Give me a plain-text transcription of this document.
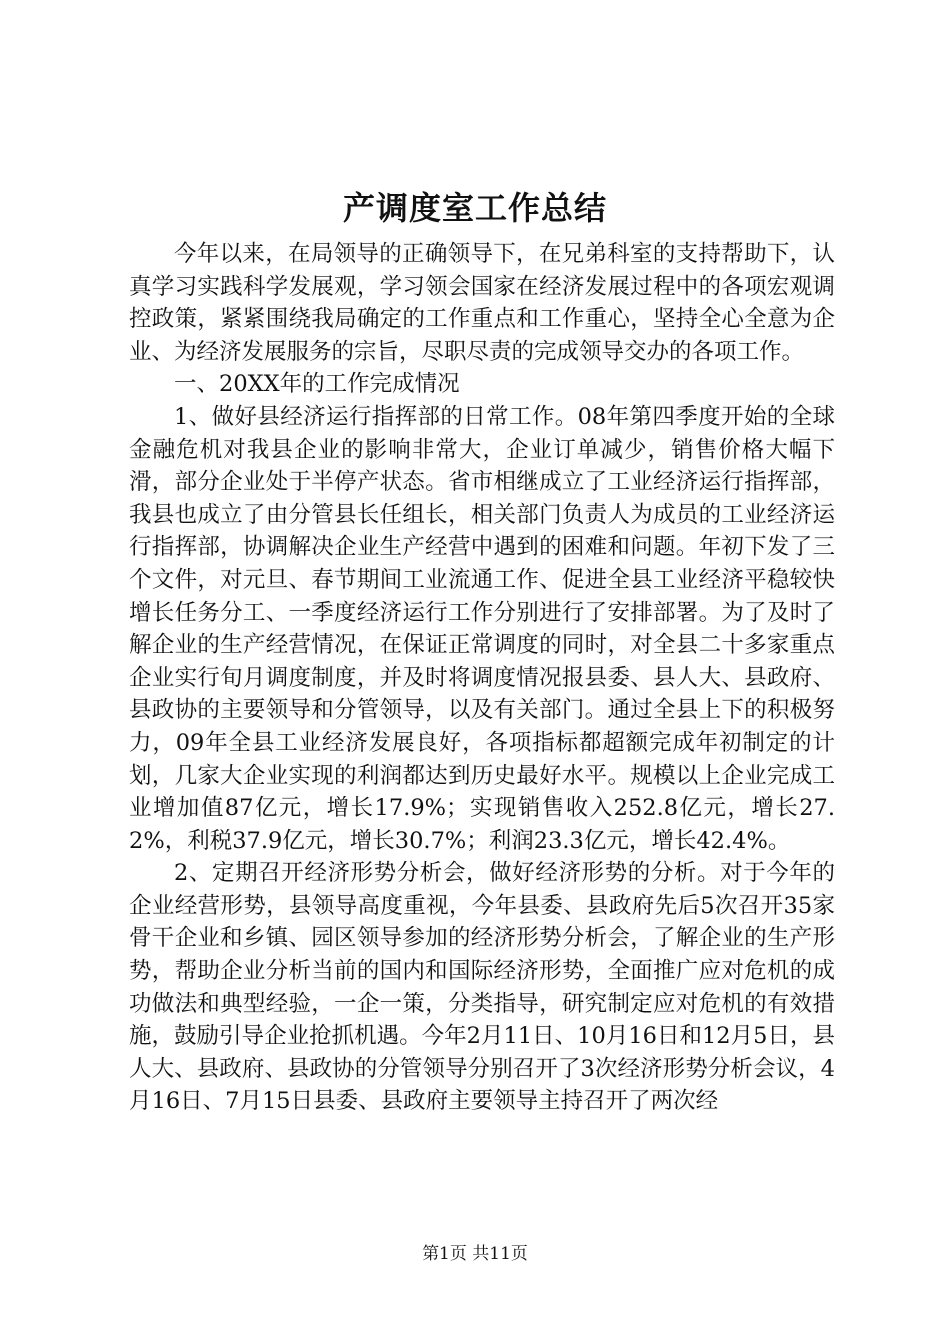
产调度室工作总结

今年以来，在局领导的正确领导下，在兄弟科室的支持帮助下，认真学习实践科学发展观，学习领会国家在经济发展过程中的各项宏观调控政策，紧紧围绕我局确定的工作重点和工作重心，坚持全心全意为企业、为经济发展服务的宗旨，尽职尽责的完成领导交办的各项工作。

一、20XX年的工作完成情况

1、做好县经济运行指挥部的日常工作。08年第四季度开始的全球金融危机对我县企业的影响非常大，企业订单减少，销售价格大幅下滑，部分企业处于半停产状态。省市相继成立了工业经济运行指挥部，我县也成立了由分管县长任组长，相关部门负责人为成员的工业经济运行指挥部，协调解决企业生产经营中遇到的困难和问题。年初下发了三个文件，对元旦、春节期间工业流通工作、促进全县工业经济平稳较快增长任务分工、一季度经济运行工作分别进行了安排部署。为了及时了解企业的生产经营情况，在保证正常调度的同时，对全县二十多家重点企业实行旬月调度制度，并及时将调度情况报县委、县人大、县政府、县政协的主要领导和分管领导，以及有关部门。通过全县上下的积极努力，09年全县工业经济发展良好，各项指标都超额完成年初制定的计划，几家大企业实现的利润都达到历史最好水平。规模以上企业完成工业增加值87亿元，增长17.9%；实现销售收入252.8亿元，增长27.2%，利税37.9亿元，增长30.7%；利润23.3亿元，增长42.4%。

2、定期召开经济形势分析会，做好经济形势的分析。对于今年的企业经营形势，县领导高度重视，今年县委、县政府先后5次召开35家骨干企业和乡镇、园区领导参加的经济形势分析会，了解企业的生产形势，帮助企业分析当前的国内和国际经济形势，全面推广应对危机的成功做法和典型经验，一企一策，分类指导，研究制定应对危机的有效措施，鼓励引导企业抢抓机遇。今年2月11日、10月16日和12月5日，县人大、县政府、县政协的分管领导分别召开了3次经济形势分析会议，4月16日、7月15日县委、县政府主要领导主持召开了两次经

第1页 共11页
